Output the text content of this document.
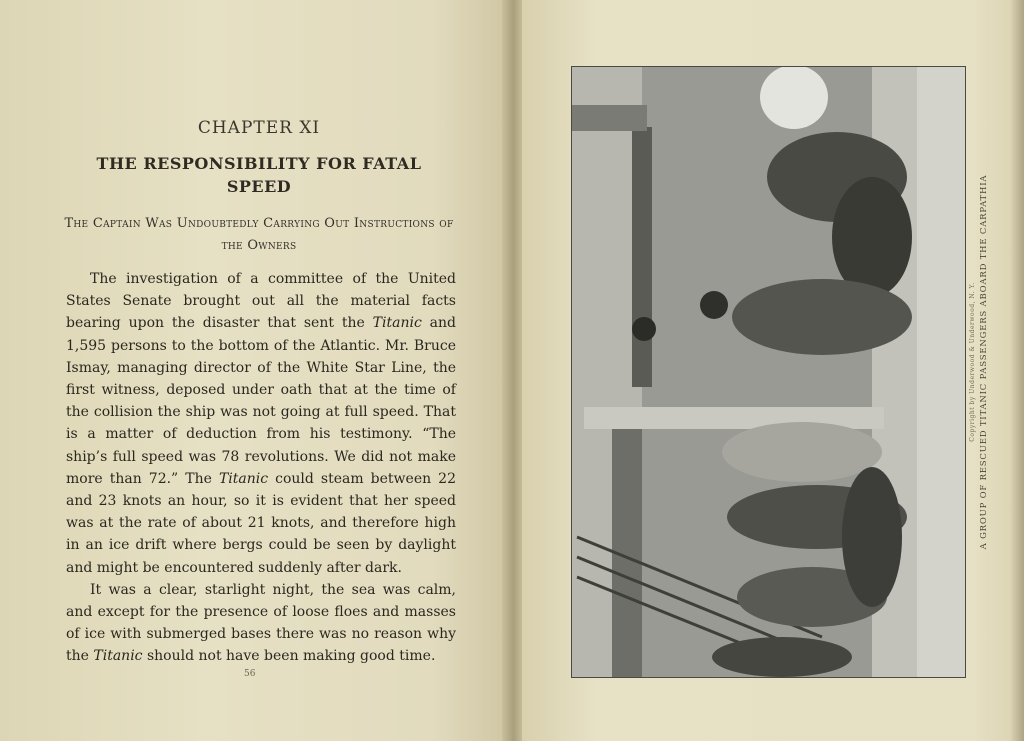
CHAPTER XI
THE RESPONSIBILITY FOR FATAL SPEED
The Captain Was Undoubtedly Carrying Out Instructions of the Owners

The investigation of a committee of the United States Senate brought out all the material facts bearing upon the disaster that sent the Titanic and 1,595 persons to the bottom of the Atlantic. Mr. Bruce Ismay, managing director of the White Star Line, the first witness, deposed under oath that at the time of the collision the ship was not going at full speed. That is a matter of deduction from his testimony. “The ship’s full speed was 78 revolutions. We did not make more than 72.” The Titanic could steam between 22 and 23 knots an hour, so it is evident that her speed was at the rate of about 21 knots, and therefore high in an ice drift where bergs could be seen by daylight and might be encountered suddenly after dark.

It was a clear, starlight night, the sea was calm, and except for the presence of loose floes and masses of ice with submerged bases there was no reason why the Titanic should not have been making good time.

56
Copyright by Underwood & Underwood, N. Y. A GROUP OF RESCUED TITANIC PASSENGERS ABOARD THE CARPATHIA
